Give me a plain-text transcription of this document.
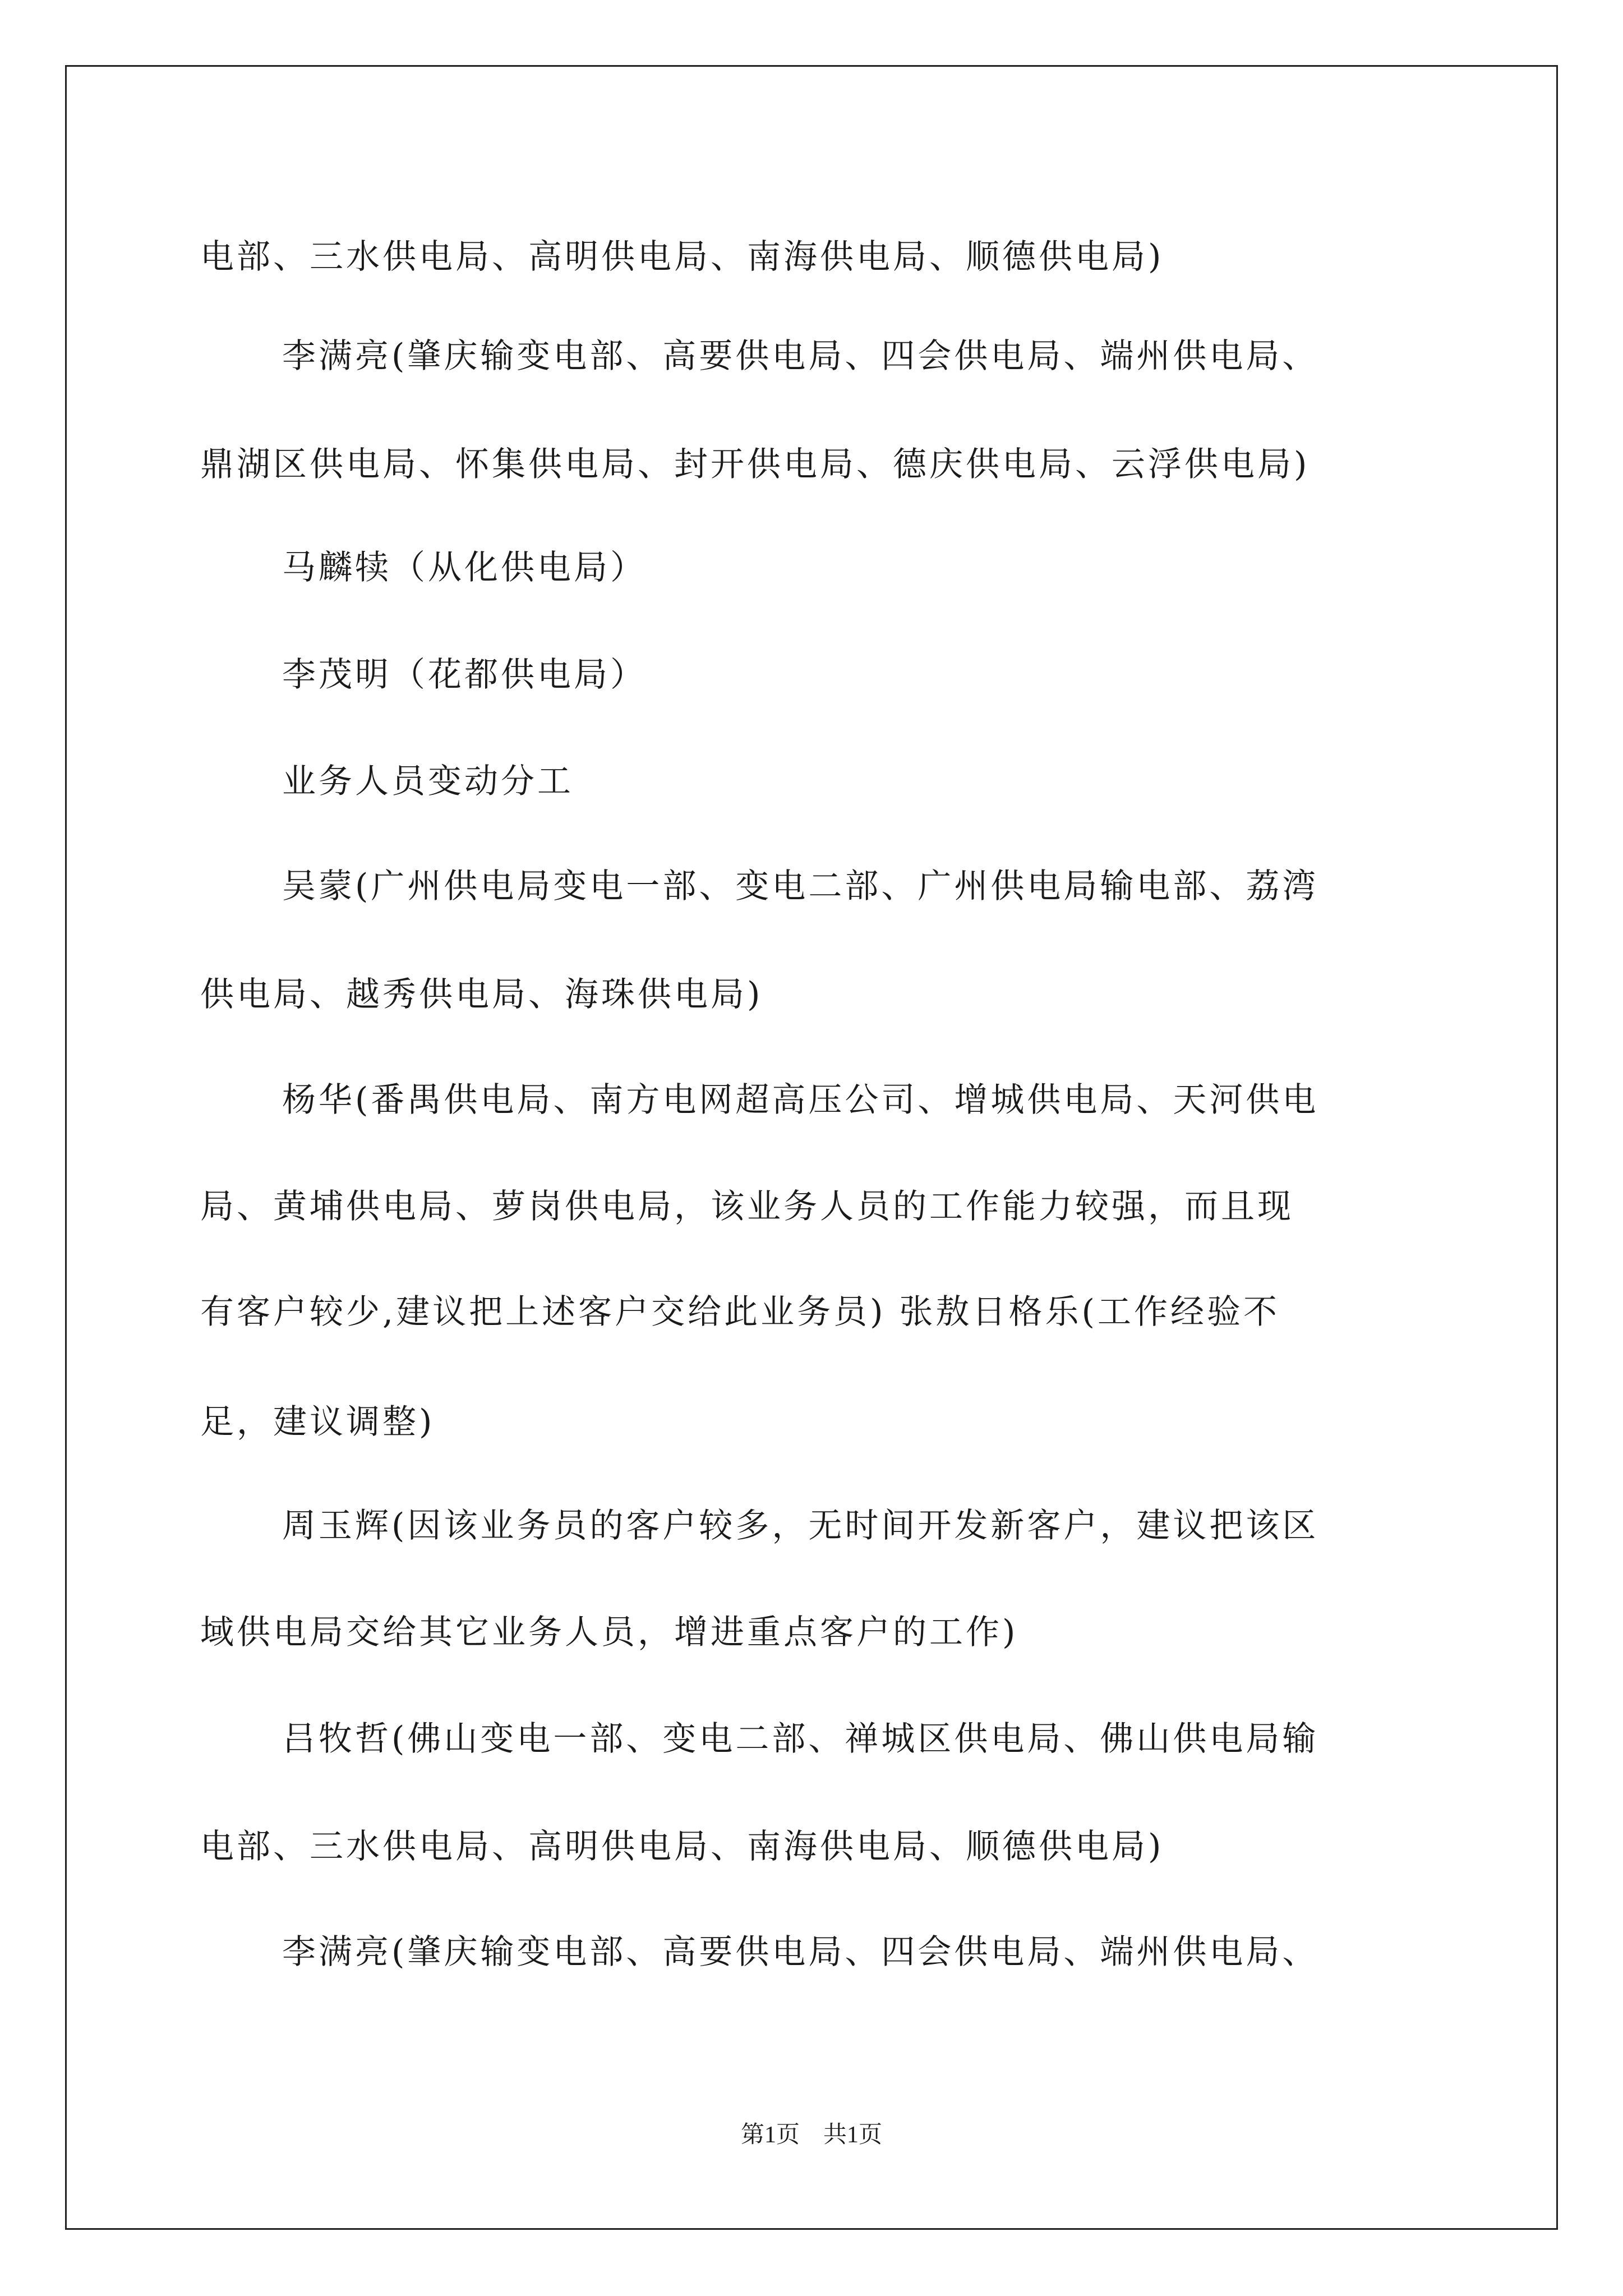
电部、三水供电局、高明供电局、南海供电局、顺德供电局)

李满亮(肇庆输变电部、高要供电局、四会供电局、端州供电局、

鼎湖区供电局、怀集供电局、封开供电局、德庆供电局、云浮供电局)

马麟犊（从化供电局）

李茂明（花都供电局）

业务人员变动分工

吴蒙(广州供电局变电一部、变电二部、广州供电局输电部、荔湾

供电局、越秀供电局、海珠供电局)

杨华(番禺供电局、南方电网超高压公司、增城供电局、天河供电

局、黄埔供电局、萝岗供电局，该业务人员的工作能力较强，而且现

有客户较少,建议把上述客户交给此业务员) 张敖日格乐(工作经验不

足，建议调整)

周玉辉(因该业务员的客户较多，无时间开发新客户，建议把该区

域供电局交给其它业务人员，增进重点客户的工作)

吕牧哲(佛山变电一部、变电二部、禅城区供电局、佛山供电局输

电部、三水供电局、高明供电局、南海供电局、顺德供电局)

李满亮(肇庆输变电部、高要供电局、四会供电局、端州供电局、

第1页 共1页
